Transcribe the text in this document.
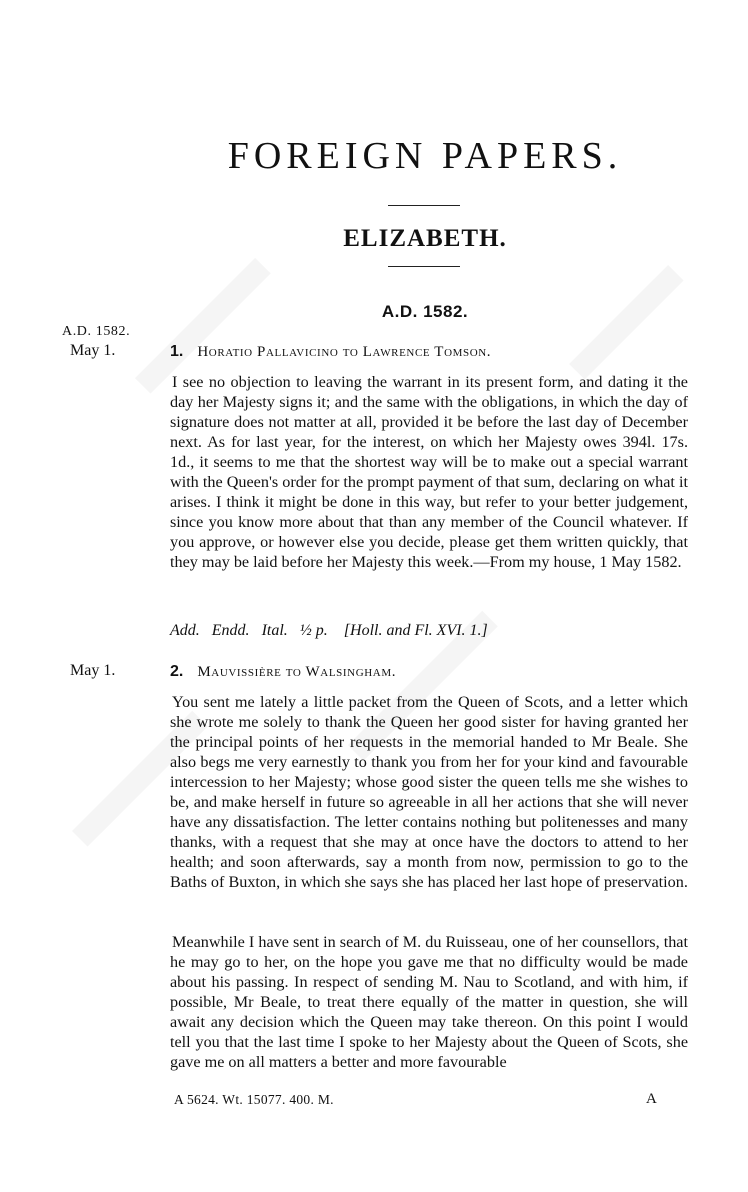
FOREIGN PAPERS.
ELIZABETH.
A.D. 1582.
A.D. 1582.
May 1.	1. Horatio Pallavicino to Lawrence Tomson.

I see no objection to leaving the warrant in its present form, and dating it the day her Majesty signs it; and the same with the obligations, in which the day of signature does not matter at all, provided it be before the last day of December next. As for last year, for the interest, on which her Majesty owes 394l. 17s. 1d., it seems to me that the shortest way will be to make out a special warrant with the Queen's order for the prompt payment of that sum, declaring on what it arises. I think it might be done in this way, but refer to your better judgement, since you know more about that than any member of the Council whatever. If you approve, or however else you decide, please get them written quickly, that they may be laid before her Majesty this week.—From my house, 1 May 1582.

Add. Endd. Ital. ½ p. [Holl. and Fl. XVI. 1.]
May 1.	2. Mauvissière to Walsingham.

You sent me lately a little packet from the Queen of Scots, and a letter which she wrote me solely to thank the Queen her good sister for having granted her the principal points of her requests in the memorial handed to Mr Beale. She also begs me very earnestly to thank you from her for your kind and favourable intercession to her Majesty; whose good sister the queen tells me she wishes to be, and make herself in future so agreeable in all her actions that she will never have any dissatisfaction. The letter contains nothing but politenesses and many thanks, with a request that she may at once have the doctors to attend to her health; and soon afterwards, say a month from now, permission to go to the Baths of Buxton, in which she says she has placed her last hope of preservation.

Meanwhile I have sent in search of M. du Ruisseau, one of her counsellors, that he may go to her, on the hope you gave me that no difficulty would be made about his passing. In respect of sending M. Nau to Scotland, and with him, if possible, Mr Beale, to treat there equally of the matter in question, she will await any decision which the Queen may take thereon. On this point I would tell you that the last time I spoke to her Majesty about the Queen of Scots, she gave me on all matters a better and more favourable

A 5624. Wt. 15077. 400. M.	A
